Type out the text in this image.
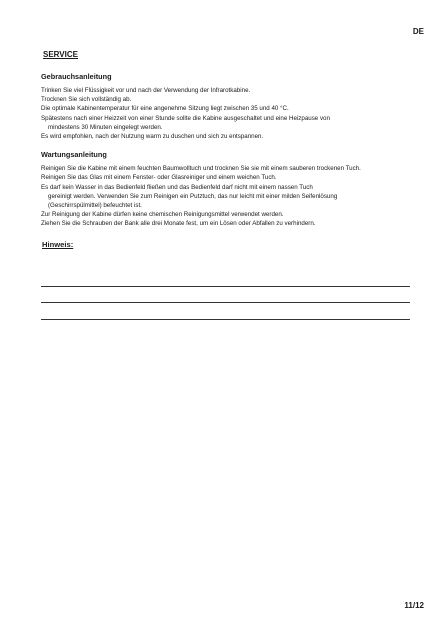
DE
SERVICE
Gebrauchsanleitung
Trinken Sie viel Flüssigkeit vor und nach der Verwendung der Infrarotkabine.
Trocknen Sie sich vollständig ab.
Die optimale Kabinentemperatur für eine angenehme Sitzung liegt zwischen 35 und 40 °C.
Spätestens nach einer Heizzeit von einer Stunde sollte die Kabine ausgeschaltet und eine Heizpause von
mindestens 30 Minuten eingelegt werden.
Es wird empfohlen, nach der Nutzung warm zu duschen und sich zu entspannen.
Wartungsanleitung
Reinigen Sie die Kabine mit einem feuchten Baumwolltuch und trocknen Sie sie mit einem sauberen trockenen Tuch.
Reinigen Sie das Glas mit einem Fenster- oder Glasreiniger und einem weichen Tuch.
Es darf kein Wasser in das Bedienfeld fließen und das Bedienfeld darf nicht mit einem nassen Tuch
gereinigt werden. Verwenden Sie zum Reinigen ein Putztuch, das nur leicht mit einer milden Seifenlösung
(Geschirrspülmittel) befeuchtet ist.
Zur Reinigung der Kabine dürfen keine chemischen Reinigungsmittel verwendet werden.
Ziehen Sie die Schrauben der Bank alle drei Monate fest, um ein Lösen oder Abfallen zu verhindern.
Hinweis:
11/12
